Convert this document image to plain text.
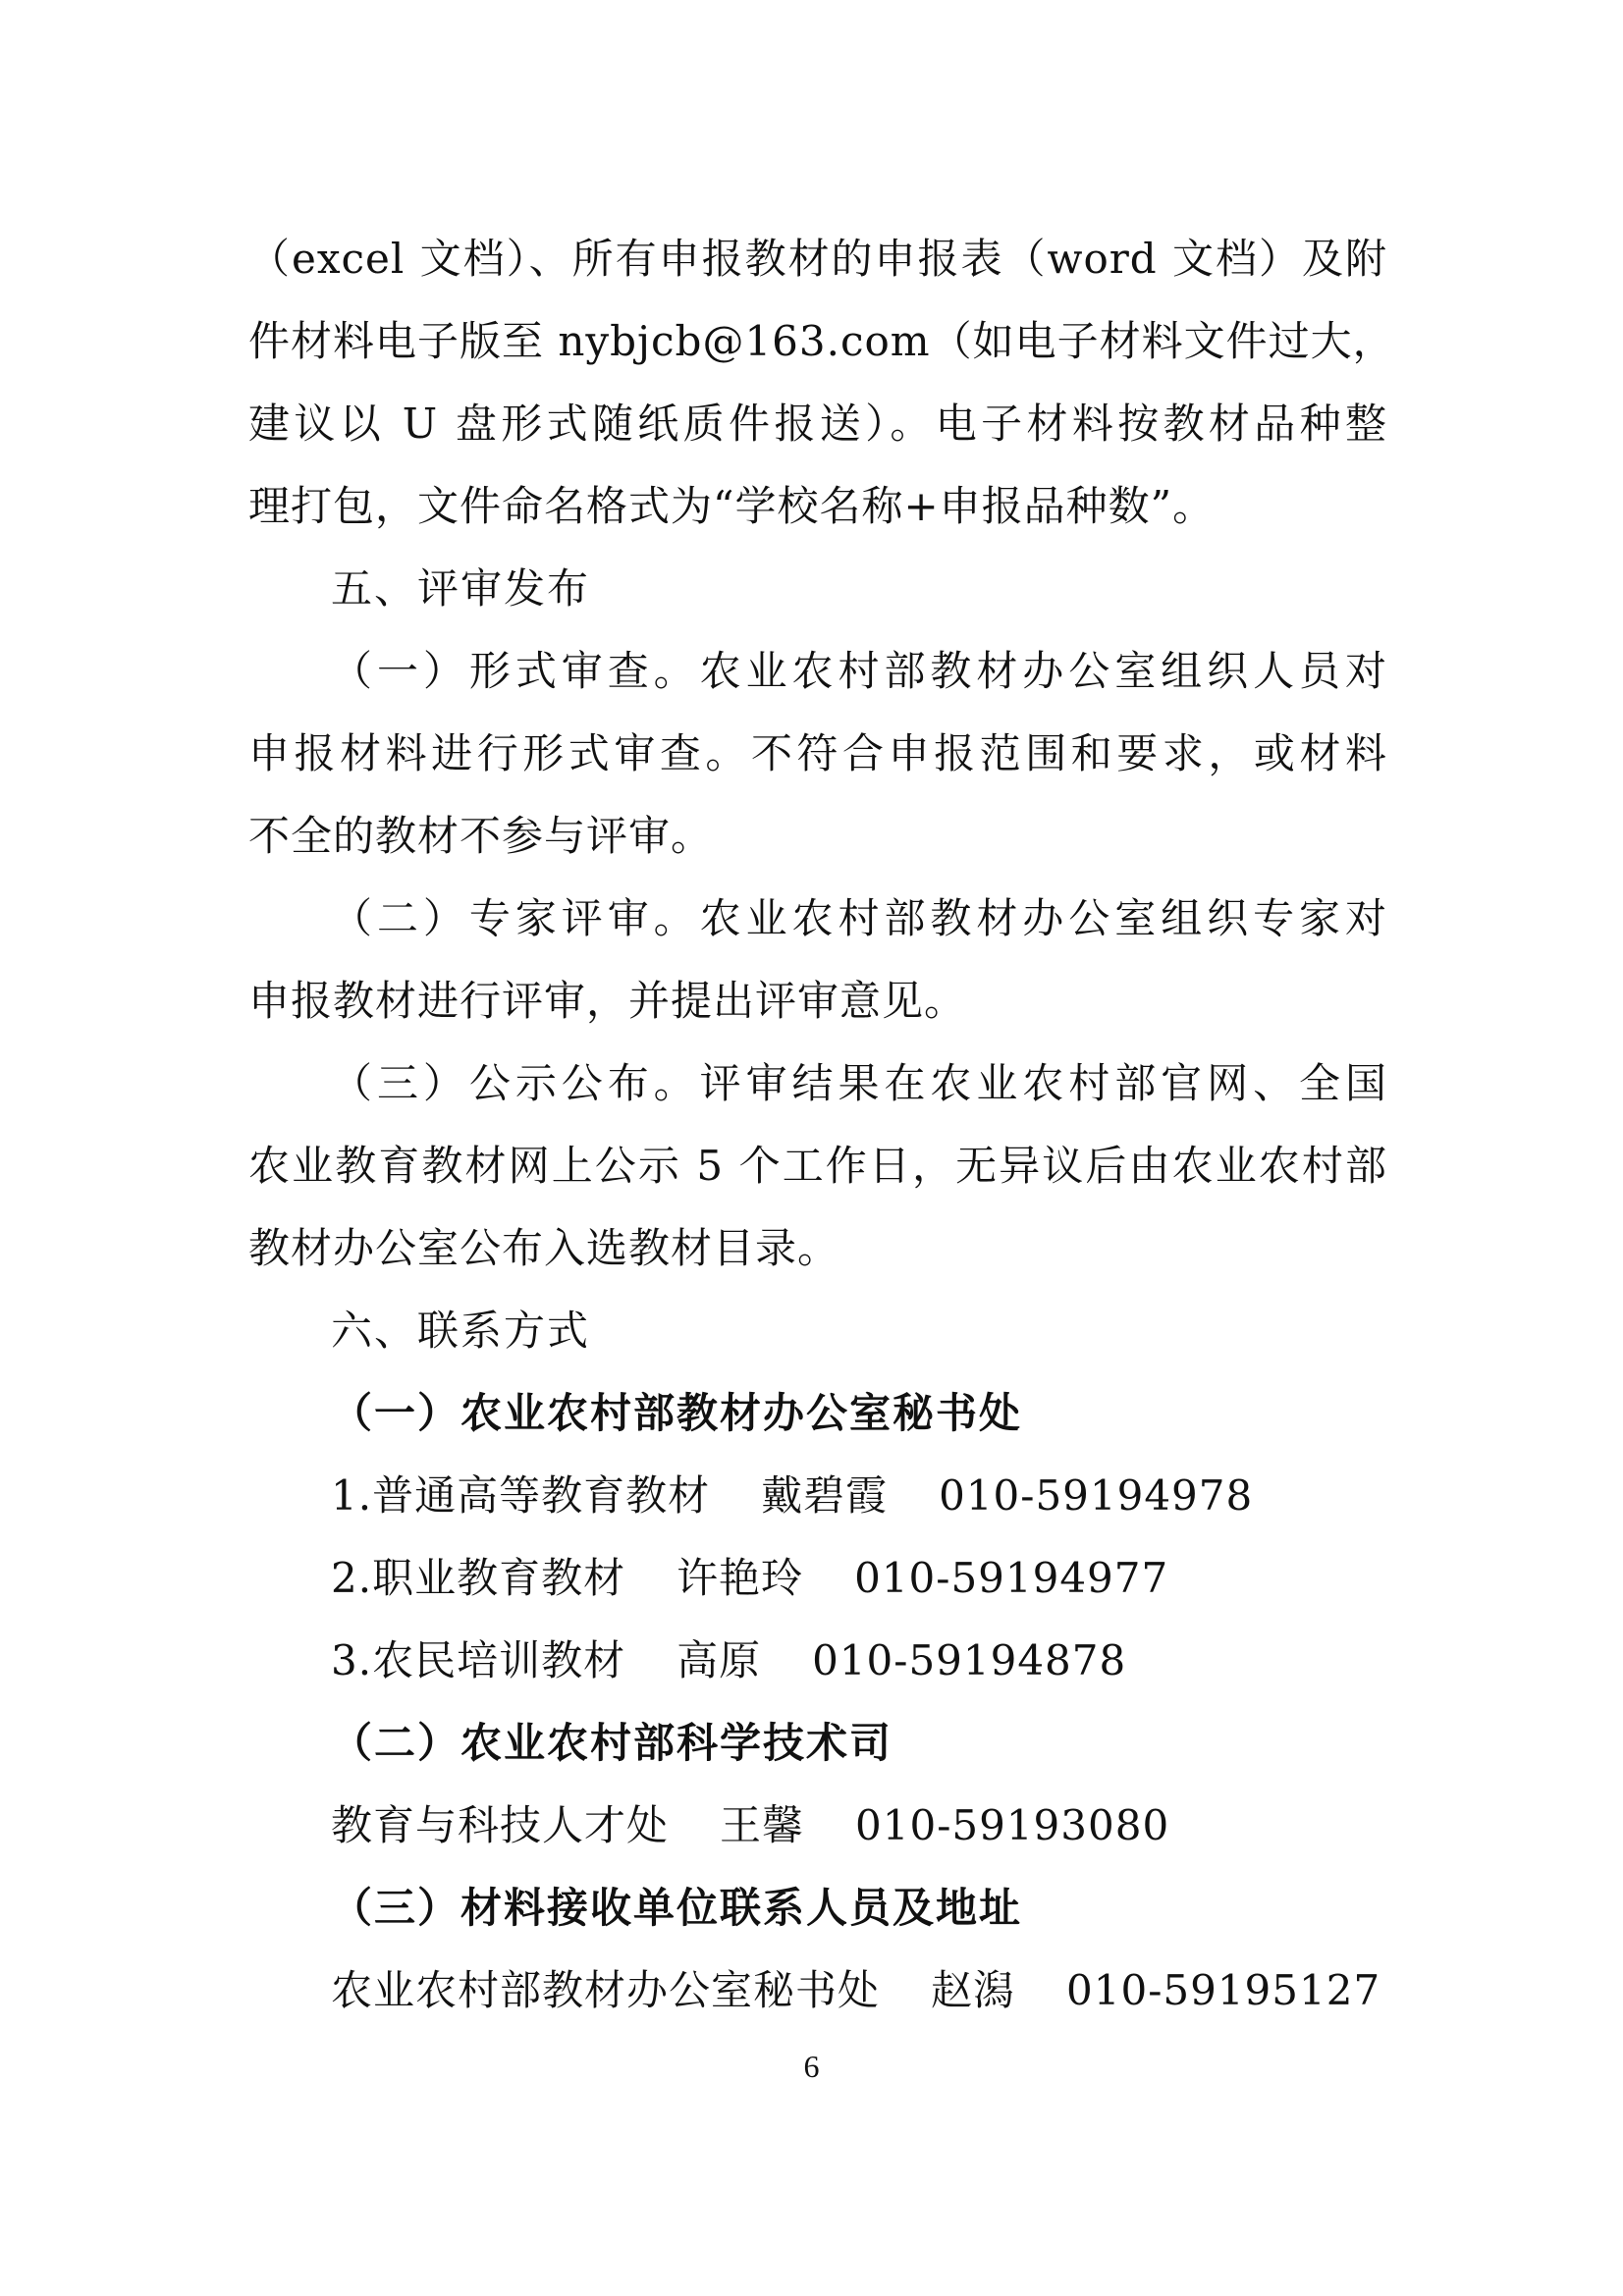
（excel 文档）、所有申报教材的申报表（word 文档）及附
件材料电子版至 nybjcb@163.com（如电子材料文件过大，
建议以 U 盘形式随纸质件报送）。电子材料按教材品种整
理打包，文件命名格式为“学校名称+申报品种数”。
五、评审发布
（一）形式审查。农业农村部教材办公室组织人员对
申报材料进行形式审查。不符合申报范围和要求，或材料
不全的教材不参与评审。
（二）专家评审。农业农村部教材办公室组织专家对
申报教材进行评审，并提出评审意见。
（三）公示公布。评审结果在农业农村部官网、全国
农业教育教材网上公示 5 个工作日，无异议后由农业农村部
教材办公室公布入选教材目录。
六、联系方式
（一）农业农村部教材办公室秘书处
1.普通高等教育教材 戴碧霞 010-59194978
2.职业教育教材 许艳玲 010-59194977
3.农民培训教材 高原 010-59194878
（二）农业农村部科学技术司
教育与科技人才处 王馨 010-59193080
（三）材料接收单位联系人员及地址
农业农村部教材办公室秘书处 赵潟 010-59195127
6
